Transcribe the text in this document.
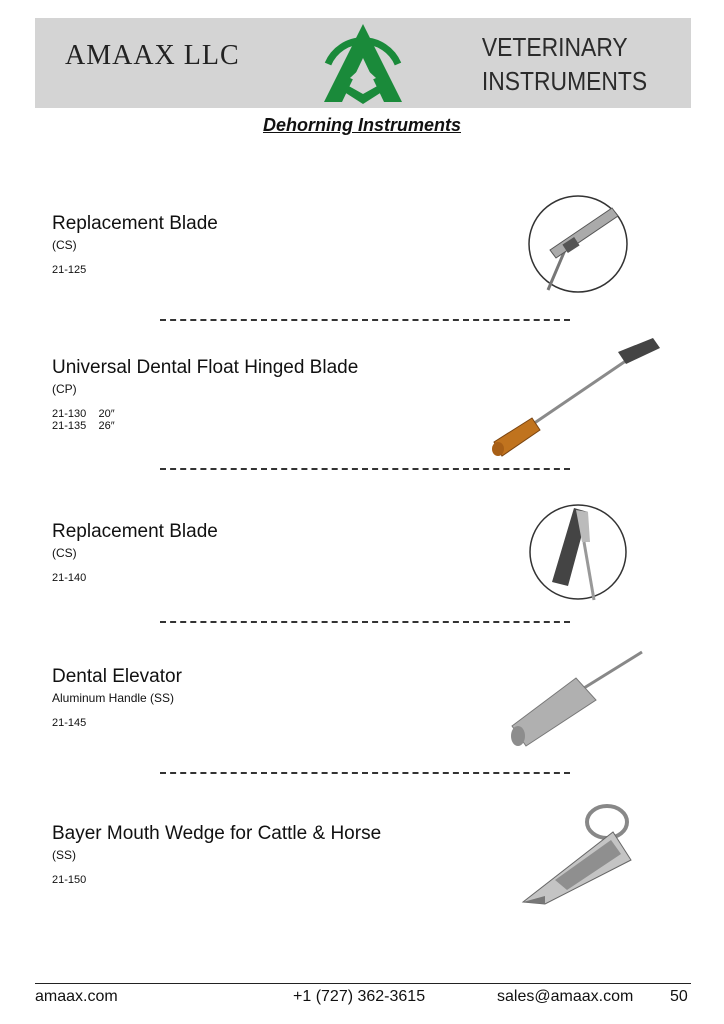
AMAAX LLC	VETERINARY
INSTRUMENTS
Dehorning Instruments
Replacement Blade
(CS)
21-125
Universal Dental Float Hinged Blade
(CP)
21-130    20″
21-135    26″
Replacement Blade
(CS)
21-140
Dental Elevator
Aluminum Handle (SS)
21-145
Bayer Mouth Wedge for Cattle & Horse
(SS)
21-150
amaax.com	+1 (727) 362-3615	sales@amaax.com 50
